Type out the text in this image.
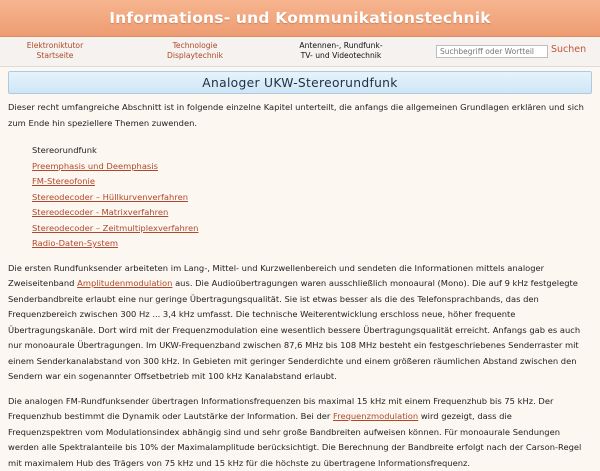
Informations- und Kommunikationstechnik
Elektroniktutor
Startseite
Technologie
Displaytechnik
Antennen-, Rundfunk-
TV- und Videotechnik
Suchbegriff oder Wortteil
Suchen
Analoger UKW-Stereorundfunk

Dieser recht umfangreiche Abschnitt ist in folgende einzelne Kapitel unterteilt, die anfangs die allgemeinen Grundlagen erklären und sich zum Ende hin speziellere Themen zuwenden.

Stereorundfunk
Preemphasis und Deemphasis
FM-Stereofonie
Stereodecoder – Hüllkurvenverfahren
Stereodecoder - Matrixverfahren
Stereodecoder – Zeitmultiplexverfahren
Radio-Daten-System

Die ersten Rundfunksender arbeiteten im Lang-, Mittel- und Kurzwellenbereich und sendeten die Informationen mittels analoger Zweiseitenband Amplitudenmodulation aus. Die Audioübertragungen waren ausschließlich monoaural (Mono). Die auf 9 kHz festgelegte Senderbandbreite erlaubt eine nur geringe Übertragungsqualität. Sie ist etwas besser als die des Telefonsprachbands, das den Frequenzbereich zwischen 300 Hz ... 3,4 kHz umfasst. Die technische Weiterentwicklung erschloss neue, höher frequente Übertragungskanäle. Dort wird mit der Frequenzmodulation eine wesentlich bessere Übertragungsqualität erreicht. Anfangs gab es auch nur monoaurale Übertragungen. Im UKW-Frequenzband zwischen 87,6 MHz bis 108 MHz besteht ein festgeschriebenes Senderraster mit einem Senderkanalabstand von 300 kHz. In Gebieten mit geringer Senderdichte und einem größeren räumlichen Abstand zwischen den Sendern war ein sogenannter Offsetbetrieb mit 100 kHz Kanalabstand erlaubt.

Die analogen FM-Rundfunksender übertragen Informationsfrequenzen bis maximal 15 kHz mit einem Frequenzhub bis 75 kHz. Der Frequenzhub bestimmt die Dynamik oder Lautstärke der Information. Bei der Frequenzmodulation wird gezeigt, dass die Frequenzspektren vom Modulationsindex abhängig sind und sehr große Bandbreiten aufweisen können. Für monoaurale Sendungen werden alle Spektralanteile bis 10% der Maximalamplitude berücksichtigt. Die Berechnung der Bandbreite erfolgt nach der Carson-Regel mit maximalem Hub des Trägers von 75 kHz und 15 kHz für die höchste zu übertragene Informationsfrequenz.
